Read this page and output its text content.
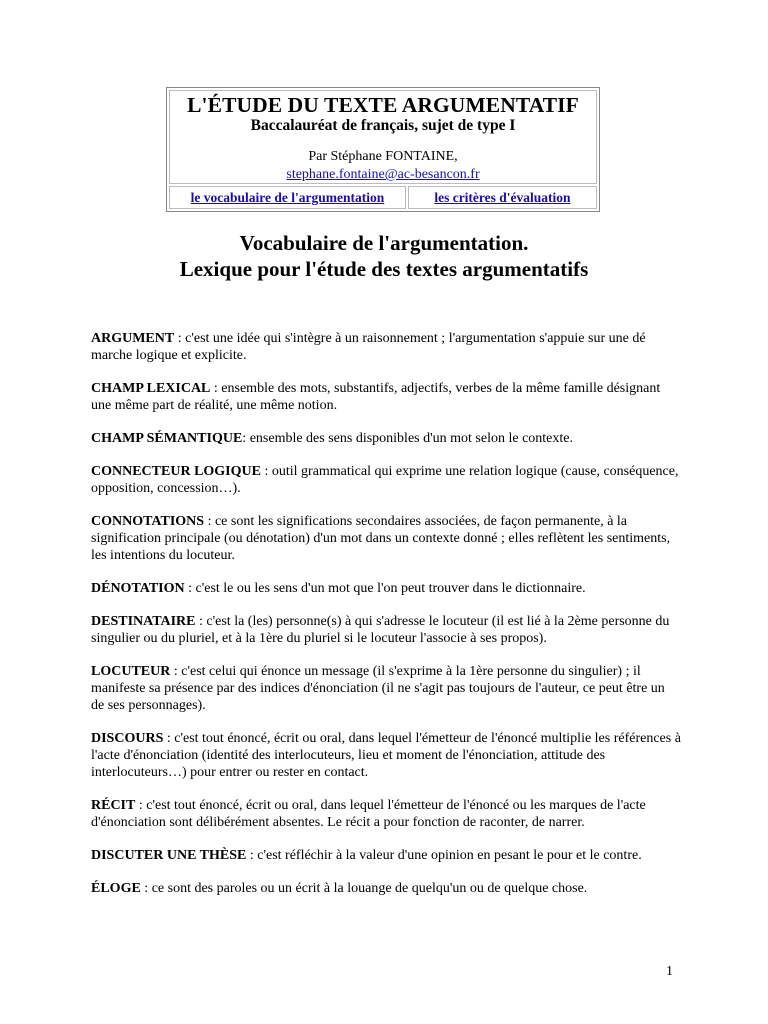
L'ÉTUDE DU TEXTE ARGUMENTATIF
Baccalauréat de français, sujet de type I
Par Stéphane FONTAINE,
stephane.fontaine@ac-besancon.fr
le vocabulaire de l'argumentation	les critères d'évaluation
Vocabulaire de l'argumentation.
Lexique pour l'étude des textes argumentatifs

ARGUMENT : c'est une idée qui s'intègre à un raisonnement ; l'argumentation s'appuie sur une dé marche logique et explicite.

CHAMP LEXICAL : ensemble des mots, substantifs, adjectifs, verbes de la même famille désignant une même part de réalité, une même notion.

CHAMP SÉMANTIQUE: ensemble des sens disponibles d'un mot selon le contexte.

CONNECTEUR LOGIQUE : outil grammatical qui exprime une relation logique (cause, conséquence, opposition, concession…).

CONNOTATIONS : ce sont les significations secondaires associées, de façon permanente, à la signification principale (ou dénotation) d'un mot dans un contexte donné ; elles reflètent les sentiments, les intentions du locuteur.

DÉNOTATION : c'est le ou les sens d'un mot que l'on peut trouver dans le dictionnaire.

DESTINATAIRE : c'est la (les) personne(s) à qui s'adresse le locuteur (il est lié à la 2ème personne du singulier ou du pluriel, et à la 1ère du pluriel si le locuteur l'associe à ses propos).

LOCUTEUR : c'est celui qui énonce un message (il s'exprime à la 1ère personne du singulier) ; il manifeste sa présence par des indices d'énonciation (il ne s'agit pas toujours de l'auteur, ce peut être un de ses personnages).

DISCOURS : c'est tout énoncé, écrit ou oral, dans lequel l'émetteur de l'énoncé multiplie les références à l'acte d'énonciation (identité des interlocuteurs, lieu et moment de l'énonciation, attitude des interlocuteurs…) pour entrer ou rester en contact.

RÉCIT : c'est tout énoncé, écrit ou oral, dans lequel l'émetteur de l'énoncé ou les marques de l'acte d'énonciation sont délibérément absentes. Le récit a pour fonction de raconter, de narrer.

DISCUTER UNE THÈSE : c'est réfléchir à la valeur d'une opinion en pesant le pour et le contre.

ÉLOGE : ce sont des paroles ou un écrit à la louange de quelqu'un ou de quelque chose.

1
